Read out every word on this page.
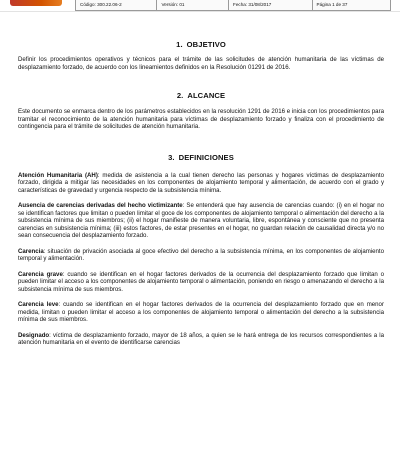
Código: 300.22.06-2	Versión: 01	Fecha: 31/08/2017	Página 1 de 37
1. OBJETIVO

Definir los procedimientos operativos y técnicos para el trámite de las solicitudes de atención humanitaria de las víctimas de desplazamiento forzado, de acuerdo con los lineamientos definidos en la Resolución 01291 de 2016.

2. ALCANCE

Este documento se enmarca dentro de los parámetros establecidos en la resolución 1291 de 2016 e inicia con los procedimientos para tramitar el reconocimiento de la atención humanitaria para víctimas de desplazamiento forzado y finaliza con el procedimiento de contingencia para el trámite de solicitudes de atención humanitaria.

3. DEFINICIONES

Atención Humanitaria (AH): medida de asistencia a la cual tienen derecho las personas y hogares víctimas de desplazamiento forzado, dirigida a mitigar las necesidades en los componentes de alojamiento temporal y alimentación, de acuerdo con el grado y características de gravedad y urgencia respecto de la subsistencia mínima.

Ausencia de carencias derivadas del hecho victimizante: Se entenderá que hay ausencia de carencias cuando: (i) en el hogar no se identifican factores que limitan o pueden limitar el goce de los componentes de alojamiento temporal o alimentación del derecho a la subsistencia mínima de sus miembros; (ii) el hogar manifieste de manera voluntaria, libre, espontánea y consciente que no presenta carencias en subsistencia mínima; (iii) estos factores, de estar presentes en el hogar, no guardan relación de causalidad directa y/o no sean consecuencia del desplazamiento forzado.

Carencia: situación de privación asociada al goce efectivo del derecho a la subsistencia mínima, en los componentes de alojamiento temporal y alimentación.

Carencia grave: cuando se identifican en el hogar factores derivados de la ocurrencia del desplazamiento forzado que limitan o pueden limitar el acceso a los componentes de alojamiento temporal o alimentación, poniendo en riesgo o amenazando el derecho a la subsistencia mínima de sus miembros.

Carencia leve: cuando se identifican en el hogar factores derivados de la ocurrencia del desplazamiento forzado que en menor medida, limitan o pueden limitar el acceso a los componentes de alojamiento temporal o alimentación del derecho a la subsistencia mínima de sus miembros.

Designado: víctima de desplazamiento forzado, mayor de 18 años, a quien se le hará entrega de los recursos correspondientes a la atención humanitaria en el evento de identificarse carencias
